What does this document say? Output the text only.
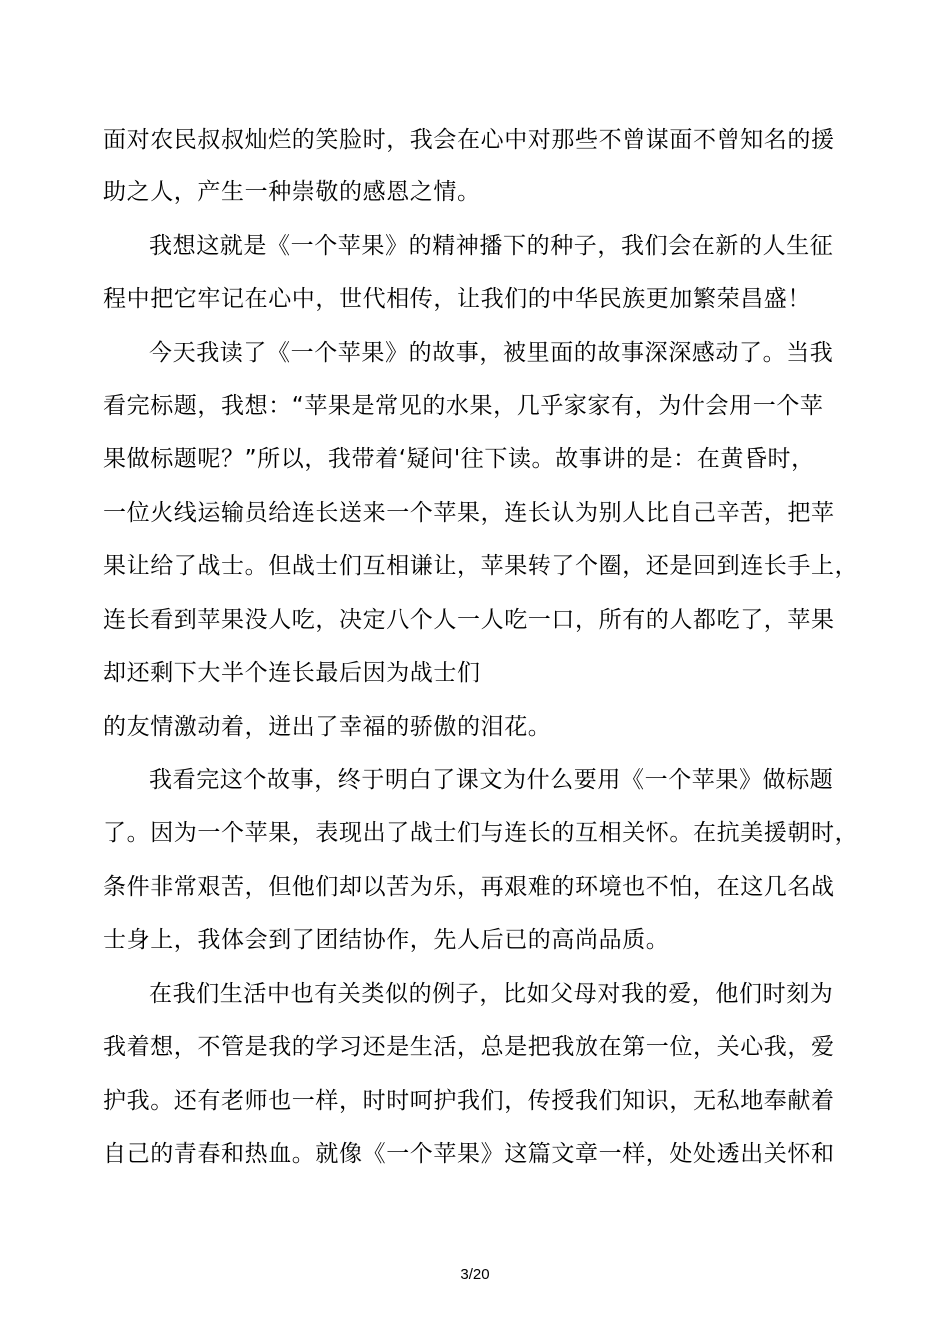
面对农民叔叔灿烂的笑脸时，我会在心中对那些不曾谋面不曾知名的援
助之人，产生一种崇敬的感恩之情。
我想这就是《一个苹果》的精神播下的种子，我们会在新的人生征
程中把它牢记在心中，世代相传，让我们的中华民族更加繁荣昌盛！
今天我读了《一个苹果》的故事，被里面的故事深深感动了。当我
看完标题，我想：“苹果是常见的水果，几乎家家有，为什会用一个苹
果做标题呢？”所以，我带着‘疑问'往下读。故事讲的是：在黄昏时，
一位火线运输员给连长送来一个苹果，连长认为别人比自己辛苦，把苹
果让给了战士。但战士们互相谦让，苹果转了个圈，还是回到连长手上，
连长看到苹果没人吃，决定八个人一人吃一口，所有的人都吃了，苹果
却还剩下大半个连长最后因为战士们
的友情激动着，迸出了幸福的骄傲的泪花。
我看完这个故事，终于明白了课文为什么要用《一个苹果》做标题
了。因为一个苹果，表现出了战士们与连长的互相关怀。在抗美援朝时，
条件非常艰苦，但他们却以苦为乐，再艰难的环境也不怕，在这几名战
士身上，我体会到了团结协作，先人后已的高尚品质。
在我们生活中也有关类似的例子，比如父母对我的爱，他们时刻为
我着想，不管是我的学习还是生活，总是把我放在第一位，关心我，爱
护我。还有老师也一样，时时呵护我们，传授我们知识，无私地奉献着
自己的青春和热血。就像《一个苹果》这篇文章一样，处处透出关怀和
3/20
